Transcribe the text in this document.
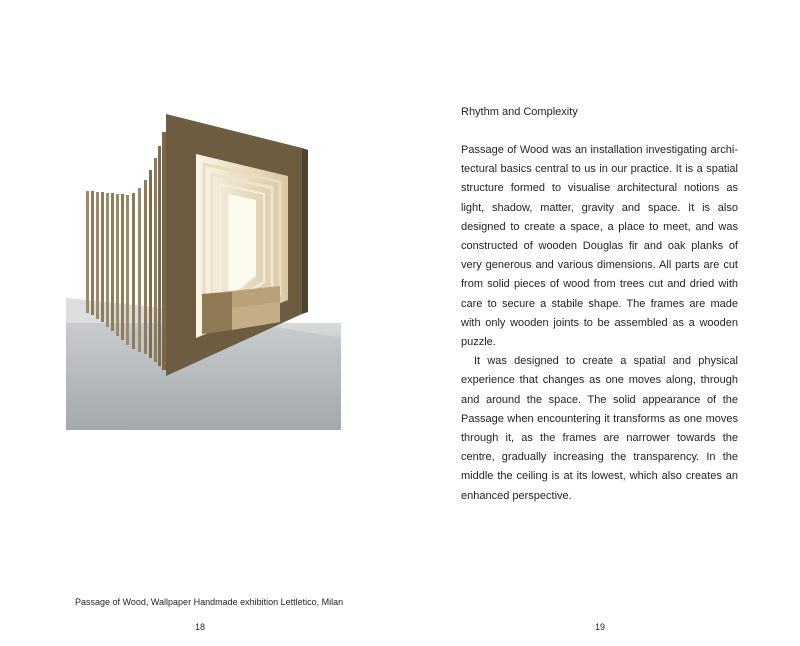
Passage of Wood, Wallpaper Handmade exhibition Lettletico, Milan

18

Rhythm and Complexity

Passage of Wood was an installation investigating architectural basics central to us in our practice. It is a spatial structure formed to visualise architectural notions as light, shadow, matter, gravity and space. It is also designed to create a space, a place to meet, and was constructed of wooden Douglas fir and oak planks of very generous and various dimensions. All parts are cut from solid pieces of wood from trees cut and dried with care to secure a stabile shape. The frames are made with only wooden joints to be assembled as a wooden puzzle.

It was designed to create a spatial and physical experience that changes as one moves along, through and around the space. The solid appearance of the Passage when encountering it transforms as one moves through it, as the frames are narrower towards the centre, gradually increasing the transparency. In the middle the ceiling is at its lowest, which also creates an enhanced perspective.

19
